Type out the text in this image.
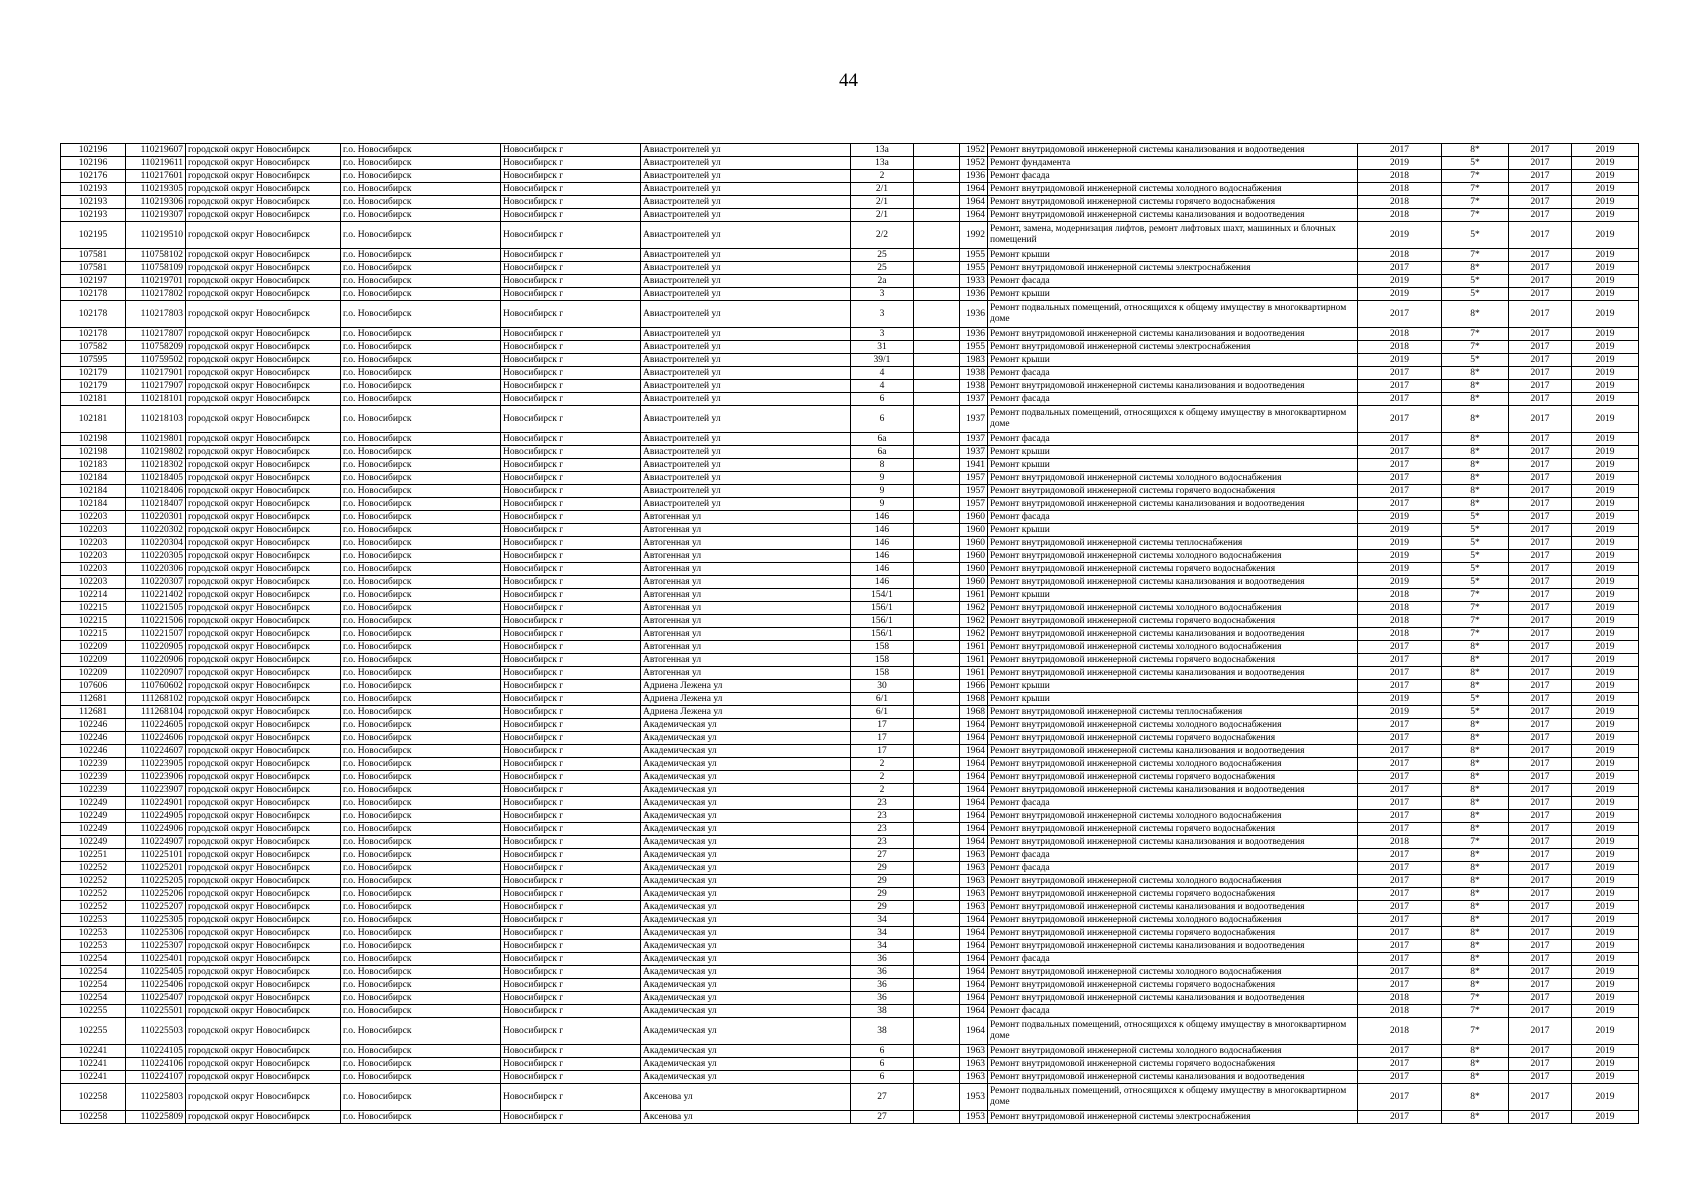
44
102196	110219607	городской округ Новосибирск	г.о. Новосибирск	Новосибирск г	Авиастроителей ул	13а		1952	Ремонт внутридомовой инженерной системы канализования и водоотведения	2017	8*	2017	2019
102196	110219611	городской округ Новосибирск	г.о. Новосибирск	Новосибирск г	Авиастроителей ул	13а		1952	Ремонт фундамента	2019	5*	2017	2019
102176	110217601	городской округ Новосибирск	г.о. Новосибирск	Новосибирск г	Авиастроителей ул	2		1936	Ремонт фасада	2018	7*	2017	2019
102193	110219305	городской округ Новосибирск	г.о. Новосибирск	Новосибирск г	Авиастроителей ул	2/1		1964	Ремонт внутридомовой инженерной системы холодного водоснабжения	2018	7*	2017	2019
102193	110219306	городской округ Новосибирск	г.о. Новосибирск	Новосибирск г	Авиастроителей ул	2/1		1964	Ремонт внутридомовой инженерной системы горячего водоснабжения	2018	7*	2017	2019
102193	110219307	городской округ Новосибирск	г.о. Новосибирск	Новосибирск г	Авиастроителей ул	2/1		1964	Ремонт внутридомовой инженерной системы канализования и водоотведения	2018	7*	2017	2019
102195	110219510	городской округ Новосибирск	г.о. Новосибирск	Новосибирск г	Авиастроителей ул	2/2		1992	Ремонт, замена, модернизация лифтов, ремонт лифтовых шахт, машинных и блочных помещений	2019	5*	2017	2019
107581	110758102	городской округ Новосибирск	г.о. Новосибирск	Новосибирск г	Авиастроителей ул	25		1955	Ремонт крыши	2018	7*	2017	2019
107581	110758109	городской округ Новосибирск	г.о. Новосибирск	Новосибирск г	Авиастроителей ул	25		1955	Ремонт внутридомовой инженерной системы электроснабжения	2017	8*	2017	2019
102197	110219701	городской округ Новосибирск	г.о. Новосибирск	Новосибирск г	Авиастроителей ул	2а		1933	Ремонт фасада	2019	5*	2017	2019
102178	110217802	городской округ Новосибирск	г.о. Новосибирск	Новосибирск г	Авиастроителей ул	3		1936	Ремонт крыши	2019	5*	2017	2019
102178	110217803	городской округ Новосибирск	г.о. Новосибирск	Новосибирск г	Авиастроителей ул	3		1936	Ремонт подвальных помещений, относящихся к общему имуществу в многоквартирном доме	2017	8*	2017	2019
102178	110217807	городской округ Новосибирск	г.о. Новосибирск	Новосибирск г	Авиастроителей ул	3		1936	Ремонт внутридомовой инженерной системы канализования и водоотведения	2018	7*	2017	2019
107582	110758209	городской округ Новосибирск	г.о. Новосибирск	Новосибирск г	Авиастроителей ул	31		1955	Ремонт внутридомовой инженерной системы электроснабжения	2018	7*	2017	2019
107595	110759502	городской округ Новосибирск	г.о. Новосибирск	Новосибирск г	Авиастроителей ул	39/1		1983	Ремонт крыши	2019	5*	2017	2019
102179	110217901	городской округ Новосибирск	г.о. Новосибирск	Новосибирск г	Авиастроителей ул	4		1938	Ремонт фасада	2017	8*	2017	2019
102179	110217907	городской округ Новосибирск	г.о. Новосибирск	Новосибирск г	Авиастроителей ул	4		1938	Ремонт внутридомовой инженерной системы канализования и водоотведения	2017	8*	2017	2019
102181	110218101	городской округ Новосибирск	г.о. Новосибирск	Новосибирск г	Авиастроителей ул	6		1937	Ремонт фасада	2017	8*	2017	2019
102181	110218103	городской округ Новосибирск	г.о. Новосибирск	Новосибирск г	Авиастроителей ул	6		1937	Ремонт подвальных помещений, относящихся к общему имуществу в многоквартирном доме	2017	8*	2017	2019
102198	110219801	городской округ Новосибирск	г.о. Новосибирск	Новосибирск г	Авиастроителей ул	6а		1937	Ремонт фасада	2017	8*	2017	2019
102198	110219802	городской округ Новосибирск	г.о. Новосибирск	Новосибирск г	Авиастроителей ул	6а		1937	Ремонт крыши	2017	8*	2017	2019
102183	110218302	городской округ Новосибирск	г.о. Новосибирск	Новосибирск г	Авиастроителей ул	8		1941	Ремонт крыши	2017	8*	2017	2019
102184	110218405	городской округ Новосибирск	г.о. Новосибирск	Новосибирск г	Авиастроителей ул	9		1957	Ремонт внутридомовой инженерной системы холодного водоснабжения	2017	8*	2017	2019
102184	110218406	городской округ Новосибирск	г.о. Новосибирск	Новосибирск г	Авиастроителей ул	9		1957	Ремонт внутридомовой инженерной системы горячего водоснабжения	2017	8*	2017	2019
102184	110218407	городской округ Новосибирск	г.о. Новосибирск	Новосибирск г	Авиастроителей ул	9		1957	Ремонт внутридомовой инженерной системы канализования и водоотведения	2017	8*	2017	2019
102203	110220301	городской округ Новосибирск	г.о. Новосибирск	Новосибирск г	Автогенная ул	146		1960	Ремонт фасада	2019	5*	2017	2019
102203	110220302	городской округ Новосибирск	г.о. Новосибирск	Новосибирск г	Автогенная ул	146		1960	Ремонт крыши	2019	5*	2017	2019
102203	110220304	городской округ Новосибирск	г.о. Новосибирск	Новосибирск г	Автогенная ул	146		1960	Ремонт внутридомовой инженерной системы теплоснабжения	2019	5*	2017	2019
102203	110220305	городской округ Новосибирск	г.о. Новосибирск	Новосибирск г	Автогенная ул	146		1960	Ремонт внутридомовой инженерной системы холодного водоснабжения	2019	5*	2017	2019
102203	110220306	городской округ Новосибирск	г.о. Новосибирск	Новосибирск г	Автогенная ул	146		1960	Ремонт внутридомовой инженерной системы горячего водоснабжения	2019	5*	2017	2019
102203	110220307	городской округ Новосибирск	г.о. Новосибирск	Новосибирск г	Автогенная ул	146		1960	Ремонт внутридомовой инженерной системы канализования и водоотведения	2019	5*	2017	2019
102214	110221402	городской округ Новосибирск	г.о. Новосибирск	Новосибирск г	Автогенная ул	154/1		1961	Ремонт крыши	2018	7*	2017	2019
102215	110221505	городской округ Новосибирск	г.о. Новосибирск	Новосибирск г	Автогенная ул	156/1		1962	Ремонт внутридомовой инженерной системы холодного водоснабжения	2018	7*	2017	2019
102215	110221506	городской округ Новосибирск	г.о. Новосибирск	Новосибирск г	Автогенная ул	156/1		1962	Ремонт внутридомовой инженерной системы горячего водоснабжения	2018	7*	2017	2019
102215	110221507	городской округ Новосибирск	г.о. Новосибирск	Новосибирск г	Автогенная ул	156/1		1962	Ремонт внутридомовой инженерной системы канализования и водоотведения	2018	7*	2017	2019
102209	110220905	городской округ Новосибирск	г.о. Новосибирск	Новосибирск г	Автогенная ул	158		1961	Ремонт внутридомовой инженерной системы холодного водоснабжения	2017	8*	2017	2019
102209	110220906	городской округ Новосибирск	г.о. Новосибирск	Новосибирск г	Автогенная ул	158		1961	Ремонт внутридомовой инженерной системы горячего водоснабжения	2017	8*	2017	2019
102209	110220907	городской округ Новосибирск	г.о. Новосибирск	Новосибирск г	Автогенная ул	158		1961	Ремонт внутридомовой инженерной системы канализования и водоотведения	2017	8*	2017	2019
107606	110760602	городской округ Новосибирск	г.о. Новосибирск	Новосибирск г	Адриена Лежена ул	30		1966	Ремонт крыши	2017	8*	2017	2019
112681	111268102	городской округ Новосибирск	г.о. Новосибирск	Новосибирск г	Адриена Лежена ул	6/1		1968	Ремонт крыши	2019	5*	2017	2019
112681	111268104	городской округ Новосибирск	г.о. Новосибирск	Новосибирск г	Адриена Лежена ул	6/1		1968	Ремонт внутридомовой инженерной системы теплоснабжения	2019	5*	2017	2019
102246	110224605	городской округ Новосибирск	г.о. Новосибирск	Новосибирск г	Академическая ул	17		1964	Ремонт внутридомовой инженерной системы холодного водоснабжения	2017	8*	2017	2019
102246	110224606	городской округ Новосибирск	г.о. Новосибирск	Новосибирск г	Академическая ул	17		1964	Ремонт внутридомовой инженерной системы горячего водоснабжения	2017	8*	2017	2019
102246	110224607	городской округ Новосибирск	г.о. Новосибирск	Новосибирск г	Академическая ул	17		1964	Ремонт внутридомовой инженерной системы канализования и водоотведения	2017	8*	2017	2019
102239	110223905	городской округ Новосибирск	г.о. Новосибирск	Новосибирск г	Академическая ул	2		1964	Ремонт внутридомовой инженерной системы холодного водоснабжения	2017	8*	2017	2019
102239	110223906	городской округ Новосибирск	г.о. Новосибирск	Новосибирск г	Академическая ул	2		1964	Ремонт внутридомовой инженерной системы горячего водоснабжения	2017	8*	2017	2019
102239	110223907	городской округ Новосибирск	г.о. Новосибирск	Новосибирск г	Академическая ул	2		1964	Ремонт внутридомовой инженерной системы канализования и водоотведения	2017	8*	2017	2019
102249	110224901	городской округ Новосибирск	г.о. Новосибирск	Новосибирск г	Академическая ул	23		1964	Ремонт фасада	2017	8*	2017	2019
102249	110224905	городской округ Новосибирск	г.о. Новосибирск	Новосибирск г	Академическая ул	23		1964	Ремонт внутридомовой инженерной системы холодного водоснабжения	2017	8*	2017	2019
102249	110224906	городской округ Новосибирск	г.о. Новосибирск	Новосибирск г	Академическая ул	23		1964	Ремонт внутридомовой инженерной системы горячего водоснабжения	2017	8*	2017	2019
102249	110224907	городской округ Новосибирск	г.о. Новосибирск	Новосибирск г	Академическая ул	23		1964	Ремонт внутридомовой инженерной системы канализования и водоотведения	2018	7*	2017	2019
102251	110225101	городской округ Новосибирск	г.о. Новосибирск	Новосибирск г	Академическая ул	27		1963	Ремонт фасада	2017	8*	2017	2019
102252	110225201	городской округ Новосибирск	г.о. Новосибирск	Новосибирск г	Академическая ул	29		1963	Ремонт фасада	2017	8*	2017	2019
102252	110225205	городской округ Новосибирск	г.о. Новосибирск	Новосибирск г	Академическая ул	29		1963	Ремонт внутридомовой инженерной системы холодного водоснабжения	2017	8*	2017	2019
102252	110225206	городской округ Новосибирск	г.о. Новосибирск	Новосибирск г	Академическая ул	29		1963	Ремонт внутридомовой инженерной системы горячего водоснабжения	2017	8*	2017	2019
102252	110225207	городской округ Новосибирск	г.о. Новосибирск	Новосибирск г	Академическая ул	29		1963	Ремонт внутридомовой инженерной системы канализования и водоотведения	2017	8*	2017	2019
102253	110225305	городской округ Новосибирск	г.о. Новосибирск	Новосибирск г	Академическая ул	34		1964	Ремонт внутридомовой инженерной системы холодного водоснабжения	2017	8*	2017	2019
102253	110225306	городской округ Новосибирск	г.о. Новосибирск	Новосибирск г	Академическая ул	34		1964	Ремонт внутридомовой инженерной системы горячего водоснабжения	2017	8*	2017	2019
102253	110225307	городской округ Новосибирск	г.о. Новосибирск	Новосибирск г	Академическая ул	34		1964	Ремонт внутридомовой инженерной системы канализования и водоотведения	2017	8*	2017	2019
102254	110225401	городской округ Новосибирск	г.о. Новосибирск	Новосибирск г	Академическая ул	36		1964	Ремонт фасада	2017	8*	2017	2019
102254	110225405	городской округ Новосибирск	г.о. Новосибирск	Новосибирск г	Академическая ул	36		1964	Ремонт внутридомовой инженерной системы холодного водоснабжения	2017	8*	2017	2019
102254	110225406	городской округ Новосибирск	г.о. Новосибирск	Новосибирск г	Академическая ул	36		1964	Ремонт внутридомовой инженерной системы горячего водоснабжения	2017	8*	2017	2019
102254	110225407	городской округ Новосибирск	г.о. Новосибирск	Новосибирск г	Академическая ул	36		1964	Ремонт внутридомовой инженерной системы канализования и водоотведения	2018	7*	2017	2019
102255	110225501	городской округ Новосибирск	г.о. Новосибирск	Новосибирск г	Академическая ул	38		1964	Ремонт фасада	2018	7*	2017	2019
102255	110225503	городской округ Новосибирск	г.о. Новосибирск	Новосибирск г	Академическая ул	38		1964	Ремонт подвальных помещений, относящихся к общему имуществу в многоквартирном доме	2018	7*	2017	2019
102241	110224105	городской округ Новосибирск	г.о. Новосибирск	Новосибирск г	Академическая ул	6		1963	Ремонт внутридомовой инженерной системы холодного водоснабжения	2017	8*	2017	2019
102241	110224106	городской округ Новосибирск	г.о. Новосибирск	Новосибирск г	Академическая ул	6		1963	Ремонт внутридомовой инженерной системы горячего водоснабжения	2017	8*	2017	2019
102241	110224107	городской округ Новосибирск	г.о. Новосибирск	Новосибирск г	Академическая ул	6		1963	Ремонт внутридомовой инженерной системы канализования и водоотведения	2017	8*	2017	2019
102258	110225803	городской округ Новосибирск	г.о. Новосибирск	Новосибирск г	Аксенова ул	27		1953	Ремонт подвальных помещений, относящихся к общему имуществу в многоквартирном доме	2017	8*	2017	2019
102258	110225809	городской округ Новосибирск	г.о. Новосибирск	Новосибирск г	Аксенова ул	27		1953	Ремонт внутридомовой инженерной системы электроснабжения	2017	8*	2017	2019
